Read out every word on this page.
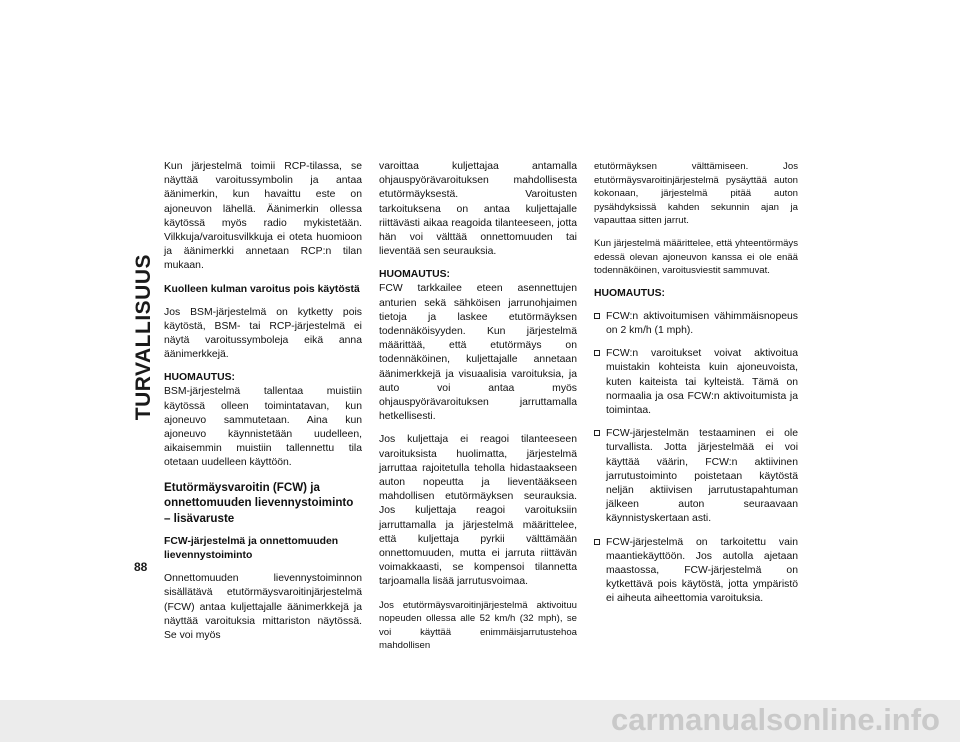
TURVALLISUUS
88

Kun järjestelmä toimii RCP-tilassa, se näyttää varoitussymbolin ja antaa äänimerkin, kun havaittu este on ajoneuvon lähellä. Äänimerkin ollessa käytössä myös radio mykistetään. Vilkkuja/varoitusvilkkuja ei oteta huomioon ja äänimerkki annetaan RCP:n tilan mukaan.

Kuolleen kulman varoitus pois käytöstä

Jos BSM-järjestelmä on kytketty pois käytöstä, BSM- tai RCP-järjestelmä ei näytä varoitussymboleja eikä anna äänimerkkejä.

HUOMAUTUS:

BSM-järjestelmä tallentaa muistiin käytössä olleen toimintatavan, kun ajoneuvo sammutetaan. Aina kun ajoneuvo käynnistetään uudelleen, aikaisemmin muistiin tallennettu tila otetaan uudelleen käyttöön.

Etutörmäysvaroitin (FCW) ja onnettomuuden lievennystoiminto – lisävaruste
FCW-järjestelmä ja onnettomuuden lievennystoiminto

Onnettomuuden lievennystoiminnon sisällätävä etutörmäysvaroitinjärjestelmä (FCW) antaa kuljettajalle äänimerkkejä ja näyttää varoituksia mittariston näytössä. Se voi myös

varoittaa kuljettajaa antamalla ohjauspyörävaroituksen mahdollisesta etutörmäyksestä. Varoitusten tarkoituksena on antaa kuljettajalle riittävästi aikaa reagoida tilanteeseen, jotta hän voi välttää onnettomuuden tai lieventää sen seurauksia.

HUOMAUTUS:

FCW tarkkailee eteen asennettujen anturien sekä sähköisen jarrunohjaimen tietoja ja laskee etutörmäyksen todennäköisyyden. Kun järjestelmä määrittää, että etutörmäys on todennäköinen, kuljettajalle annetaan äänimerkkejä ja visuaalisia varoituksia, ja auto voi antaa myös ohjauspyörävaroituksen jarruttamalla hetkellisesti.

Jos kuljettaja ei reagoi tilanteeseen varoituksista huolimatta, järjestelmä jarruttaa rajoitetulla teholla hidastaakseen auton nopeutta ja lieventääkseen mahdollisen etutörmäyksen seurauksia. Jos kuljettaja reagoi varoituksiin jarruttamalla ja järjestelmä määrittelee, että kuljettaja pyrkii välttämään onnettomuuden, mutta ei jarruta riittävän voimakkaasti, se kompensoi tilannetta tarjoamalla lisää jarrutusvoimaa.

Jos etutörmäysvaroitinjärjestelmä aktivoituu nopeuden ollessa alle 52 km/h (32 mph), se voi käyttää enimmäisjarrutustehoa mahdollisen

etutörmäyksen välttämiseen. Jos etutörmäysvaroitinjärjestelmä pysäyttää auton kokonaan, järjestelmä pitää auton pysähdyksissä kahden sekunnin ajan ja vapauttaa sitten jarrut.

Kun järjestelmä määrittelee, että yhteentörmäys edessä olevan ajoneuvon kanssa ei ole enää todennäköinen, varoitusviestit sammuvat.

HUOMAUTUS:
FCW:n aktivoitumisen vähimmäisnopeus on 2 km/h (1 mph).
FCW:n varoitukset voivat aktivoitua muistakin kohteista kuin ajoneuvoista, kuten kaiteista tai kylteistä. Tämä on normaalia ja osa FCW:n aktivoitumista ja toimintaa.
FCW-järjestelmän testaaminen ei ole turvallista. Jotta järjestelmää ei voi käyttää väärin, FCW:n aktiivinen jarrutustoiminto poistetaan käytöstä neljän aktiivisen jarrutustapahtuman jälkeen auton seuraavaan käynnistyskertaan asti.
FCW-järjestelmä on tarkoitettu vain maantiekäyttöön. Jos autolla ajetaan maastossa, FCW-järjestelmä on kytkettävä pois käytöstä, jotta ympäristö ei aiheuta aiheettomia varoituksia.
carmanualsonline.info
